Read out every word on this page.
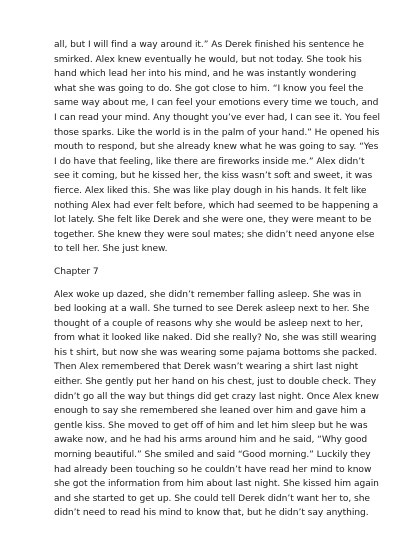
all, but I will find a way around it.” As Derek finished his sentence he smirked. Alex knew eventually he would, but not today. She took his hand which lead her into his mind, and he was instantly wondering what she was going to do. She got close to him. “I know you feel the same way about me, I can feel your emotions every time we touch, and I can read your mind. Any thought you’ve ever had, I can see it. You feel those sparks. Like the world is in the palm of your hand.” He opened his mouth to respond, but she already knew what he was going to say. “Yes I do have that feeling, like there are fireworks inside me.” Alex didn’t see it coming, but he kissed her, the kiss wasn’t soft and sweet, it was fierce. Alex liked this. She was like play dough in his hands. It felt like nothing Alex had ever felt before, which had seemed to be happening a lot lately. She felt like Derek and she were one, they were meant to be together. She knew they were soul mates; she didn’t need anyone else to tell her. She just knew.

Chapter 7

Alex woke up dazed, she didn’t remember falling asleep. She was in bed looking at a wall. She turned to see Derek asleep next to her. She thought of a couple of reasons why she would be asleep next to her, from what it looked like naked. Did she really? No, she was still wearing his t shirt, but now she was wearing some pajama bottoms she packed. Then Alex remembered that Derek wasn’t wearing a shirt last night either. She gently put her hand on his chest, just to double check. They didn’t go all the way but things did get crazy last night. Once Alex knew enough to say she remembered she leaned over him and gave him a gentle kiss. She moved to get off of him and let him sleep but he was awake now, and he had his arms around him and he said, “Why good morning beautiful.” She smiled and said “Good morning.” Luckily they had already been touching so he couldn’t have read her mind to know she got the information from him about last night. She kissed him again and she started to get up. She could tell Derek didn’t want her to, she didn’t need to read his mind to know that, but he didn’t say anything.
